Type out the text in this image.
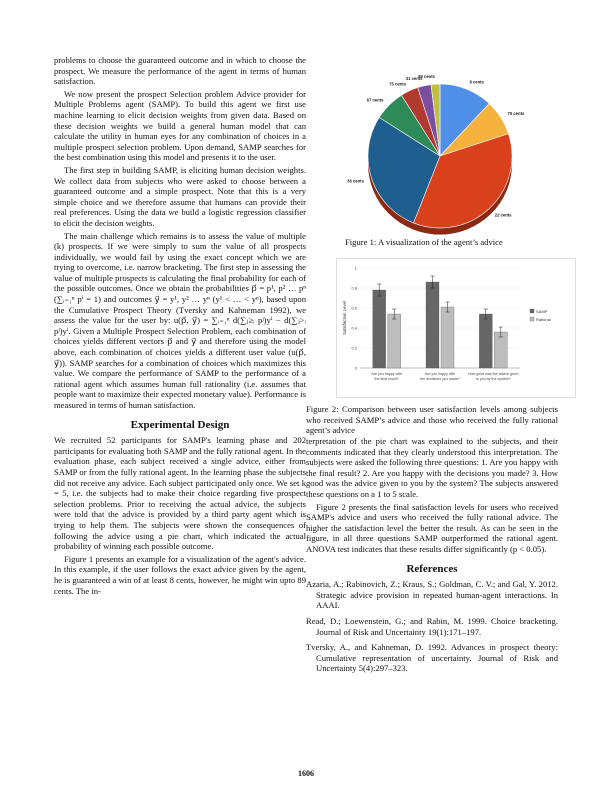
problems to choose the guaranteed outcome and in which to choose the prospect. We measure the performance of the agent in terms of human satisfaction.

We now present the prospect Selection problem Advice provider for Multiple Problems agent (SAMP). To build this agent we first use machine learning to elicit decision weights from given data. Based on these decision weights we build a general human model that can calculate the utility in human eyes for any combination of choices in a multiple prospect selection problem. Upon demand, SAMP searches for the best combination using this model and presents it to the user.

The first step in building SAMP, is eliciting human decision weights. We collect data from subjects who were asked to choose between a guaranteed outcome and a simple prospect. Note that this is a very simple choice and we therefore assume that humans can provide their real preferences. Using the data we build a logistic regression classifier to elicit the decision weights.

The main challenge which remains is to assess the value of multiple (k) prospects. If we were simply to sum the value of all prospects individually, we would fail by using the exact concept which we are trying to overcome, i.e. narrow bracketing. The first step in assessing the value of multiple prospects is calculating the final probability for each of the possible outcomes. Once we obtain the probabilities p⃗ = p¹, p² … pⁿ (∑ᵢ₌₁ⁿ pⁱ = 1) and outcomes y⃗ = y¹, y² … yⁿ (y¹ < … < yⁿ), based upon the Cumulative Prospect Theory (Tversky and Kahneman 1992), we assess the value for the user by: u(p⃗, y⃗) = ∑ᵢ₌₁ⁿ d(∑ⱼ≥ᵢ pʲ)yⁱ − d(∑ⱼ>ᵢ pʲ)yⁱ. Given a Multiple Prospect Selection Problem, each combination of choices yields different vectors p⃗ and y⃗ and therefore using the model above, each combination of choices yields a different user value (u(p⃗, y⃗)). SAMP searches for a combination of choices which maximizes this value. We compare the performance of SAMP to the performance of a rational agent which assumes human full rationality (i.e. assumes that people want to maximize their expected monetary value). Performance is measured in terms of human satisfaction.

Experimental Design

We recruited 52 participants for SAMP's learning phase and 202 participants for evaluating both SAMP and the fully rational agent. In the evaluation phase, each subject received a single advice, either from SAMP or from the fully rational agent. In the learning phase the subjects did not receive any advice. Each subject participated only once. We set k = 5, i.e. the subjects had to make their choice regarding five prospect selection problems. Prior to receiving the actual advice, the subjects were told that the advice is provided by a third party agent which is trying to help them. The subjects were shown the consequences of following the advice using a pie chart, which indicated the actual probability of winning each possible outcome.

Figure 1 presents an example for a visualization of the agent's advice. In this example, if the user follows the exact advice given by the agent, he is guaranteed a win of at least 8 cents, however, he might win upto 89 cents. The in-

8 cents
75 cents
22 cents
36 cents
67 cents
75 cents
31 cents
89 cents
Figure 1: A visualization of the agent’s advice
0
0.2
0.4
0.6
0.8
1
Satisfaction Level
Are you happy with
the final result?
Are you happy with
the decisions you made?
How good was the advice given
to you by the system?
SAMP
Rational
Figure 2: Comparison between user satisfaction levels among subjects who received SAMP’s advice and those who received the fully rational agent’s advice

terpretation of the pie chart was explained to the subjects, and their comments indicated that they clearly understood this interpretation. The subjects were asked the following three questions: 1. Are you happy with the final result? 2. Are you happy with the decisions you made? 3. How good was the advice given to you by the system? The subjects answered these questions on a 1 to 5 scale.

Figure 2 presents the final satisfaction levels for users who received SAMP's advice and users who received the fully rational advice. The higher the satisfaction level the better the result. As can be seen in the figure, in all three questions SAMP outperformed the rational agent. ANOVA test indicates that these results differ significantly (p < 0.05).

References

Azaria, A.; Rabinovich, Z.; Kraus, S.; Goldman, C. V.; and Gal, Y. 2012. Strategic advice provision in repeated human-agent interactions. In AAAI.

Read, D.; Loewenstein, G.; and Rabin, M. 1999. Choice bracketing. Journal of Risk and Uncertainty 19(1):171–197.

Tversky, A., and Kahneman, D. 1992. Advances in prospect theory: Cumulative representation of uncertainty. Journal of Risk and Uncertainty 5(4):297–323.

1606
